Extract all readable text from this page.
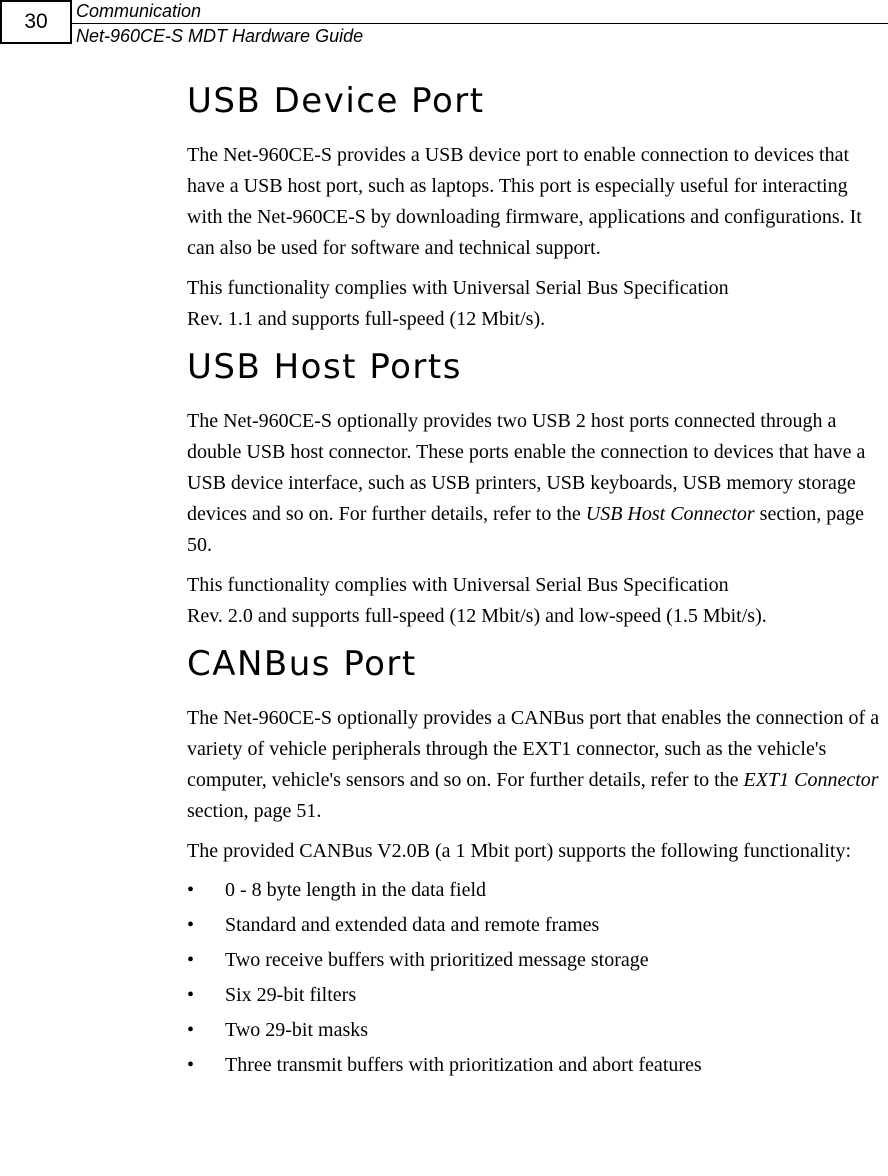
30	Communication
Net-960CE-S MDT Hardware Guide
USB Device Port

The Net-960CE-S provides a USB device port to enable connection to devices that have a USB host port, such as laptops. This port is especially useful for interacting with the Net-960CE-S by downloading firmware, applications and configurations. It can also be used for software and technical support.

This functionality complies with Universal Serial Bus Specification
Rev. 1.1 and supports full-speed (12 Mbit/s).

USB Host Ports

The Net-960CE-S optionally provides two USB 2 host ports connected through a double USB host connector. These ports enable the connection to devices that have a USB device interface, such as USB printers, USB keyboards, USB memory storage devices and so on. For further details, refer to the USB Host Connector section, page 50.

This functionality complies with Universal Serial Bus Specification
Rev. 2.0 and supports full-speed (12 Mbit/s) and low-speed (1.5 Mbit/s).

CANBus Port

The Net-960CE-S optionally provides a CANBus port that enables the connection of a variety of vehicle peripherals through the EXT1 connector, such as the vehicle's computer, vehicle's sensors and so on. For further details, refer to the EXT1 Connector section, page 51.

The provided CANBus V2.0B (a 1 Mbit port) supports the following functionality:

• 0 - 8 byte length in the data field
• Standard and extended data and remote frames
• Two receive buffers with prioritized message storage
• Six 29-bit filters
• Two 29-bit masks
• Three transmit buffers with prioritization and abort features
